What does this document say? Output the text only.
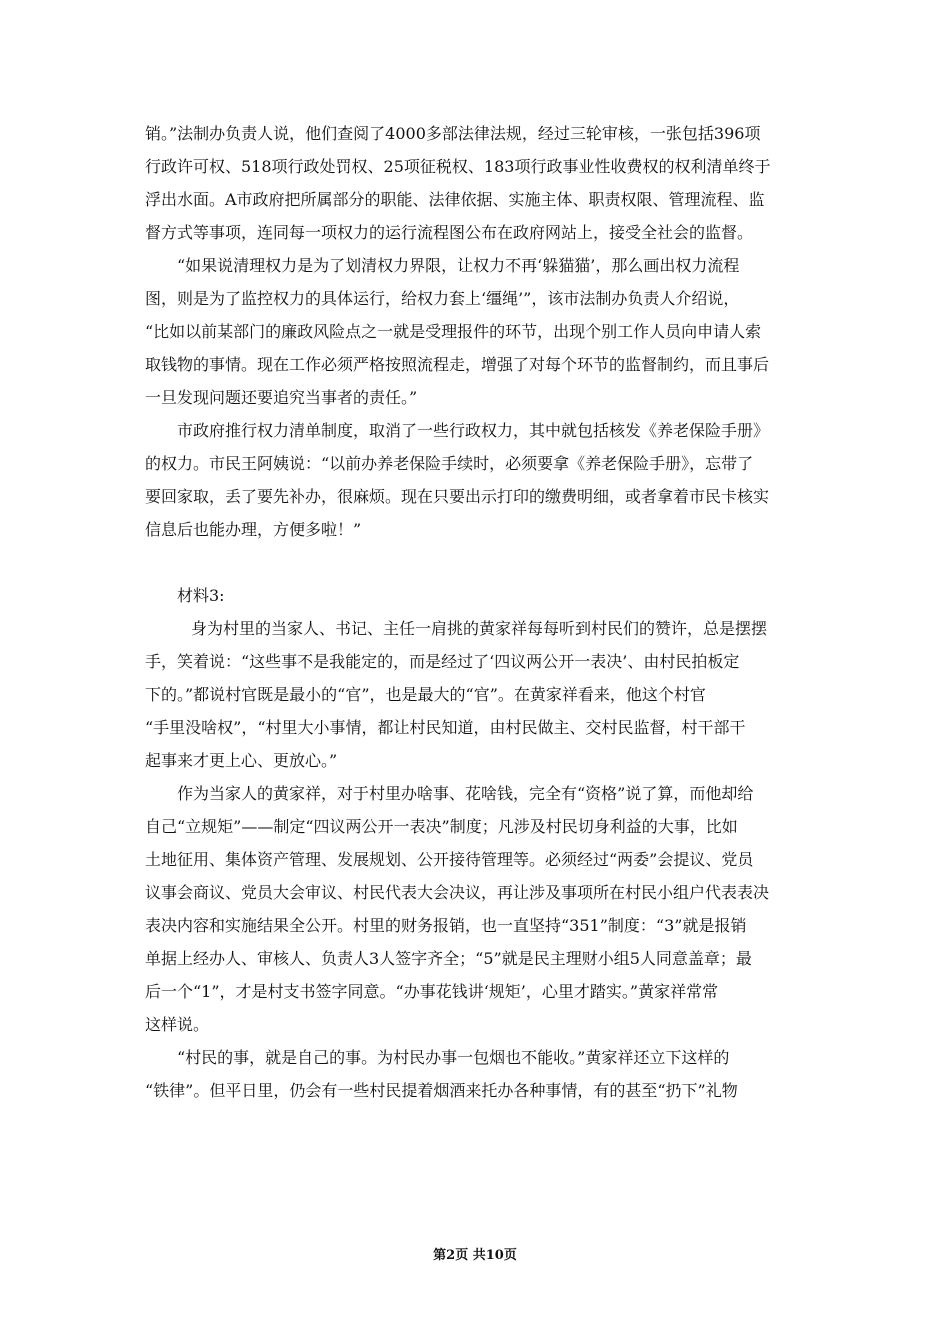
销。”法制办负责人说，他们查阅了4000多部法律法规，经过三轮审核，一张包括396项
行政许可权、518项行政处罚权、25项征税权、183项行政事业性收费权的权利清单终于
浮出水面。A市政府把所属部分的职能、法律依据、实施主体、职责权限、管理流程、监
督方式等事项，连同每一项权力的运行流程图公布在政府网站上，接受全社会的监督。
“如果说清理权力是为了划清权力界限，让权力不再‘躲猫猫’，那么画出权力流程
图，则是为了监控权力的具体运行，给权力套上‘缰绳’”，该市法制办负责人介绍说，
“比如以前某部门的廉政风险点之一就是受理报件的环节，出现个别工作人员向申请人索
取钱物的事情。现在工作必须严格按照流程走，增强了对每个环节的监督制约，而且事后
一旦发现问题还要追究当事者的责任。”
市政府推行权力清单制度，取消了一些行政权力，其中就包括核发《养老保险手册》
的权力。市民王阿姨说：“以前办养老保险手续时，必须要拿《养老保险手册》，忘带了
要回家取，丢了要先补办，很麻烦。现在只要出示打印的缴费明细，或者拿着市民卡核实
信息后也能办理，方便多啦！”
材料3:
身为村里的当家人、书记、主任一肩挑的黄家祥每每听到村民们的赞许，总是摆摆
手，笑着说：“这些事不是我能定的，而是经过了‘四议两公开一表决’、由村民拍板定
下的。”都说村官既是最小的“官”，也是最大的“官”。在黄家祥看来，他这个村官
“手里没啥权”，“村里大小事情，都让村民知道，由村民做主、交村民监督，村干部干
起事来才更上心、更放心。”
作为当家人的黄家祥，对于村里办啥事、花啥钱，完全有“资格”说了算，而他却给
自己“立规矩”——制定“四议两公开一表决”制度；凡涉及村民切身利益的大事，比如
土地征用、集体资产管理、发展规划、公开接待管理等。必须经过“两委”会提议、党员
议事会商议、党员大会审议、村民代表大会决议，再让涉及事项所在村民小组户代表表决
表决内容和实施结果全公开。村里的财务报销，也一直坚持“351”制度：“3”就是报销
单据上经办人、审核人、负责人3人签字齐全；“5”就是民主理财小组5人同意盖章；最
后一个“1”，才是村支书签字同意。“办事花钱讲‘规矩’，心里才踏实。”黄家祥常常
这样说。
“村民的事，就是自己的事。为村民办事一包烟也不能收。”黄家祥还立下这样的
“铁律”。但平日里，仍会有一些村民提着烟酒来托办各种事情，有的甚至“扔下”礼物
第2页 共10页
